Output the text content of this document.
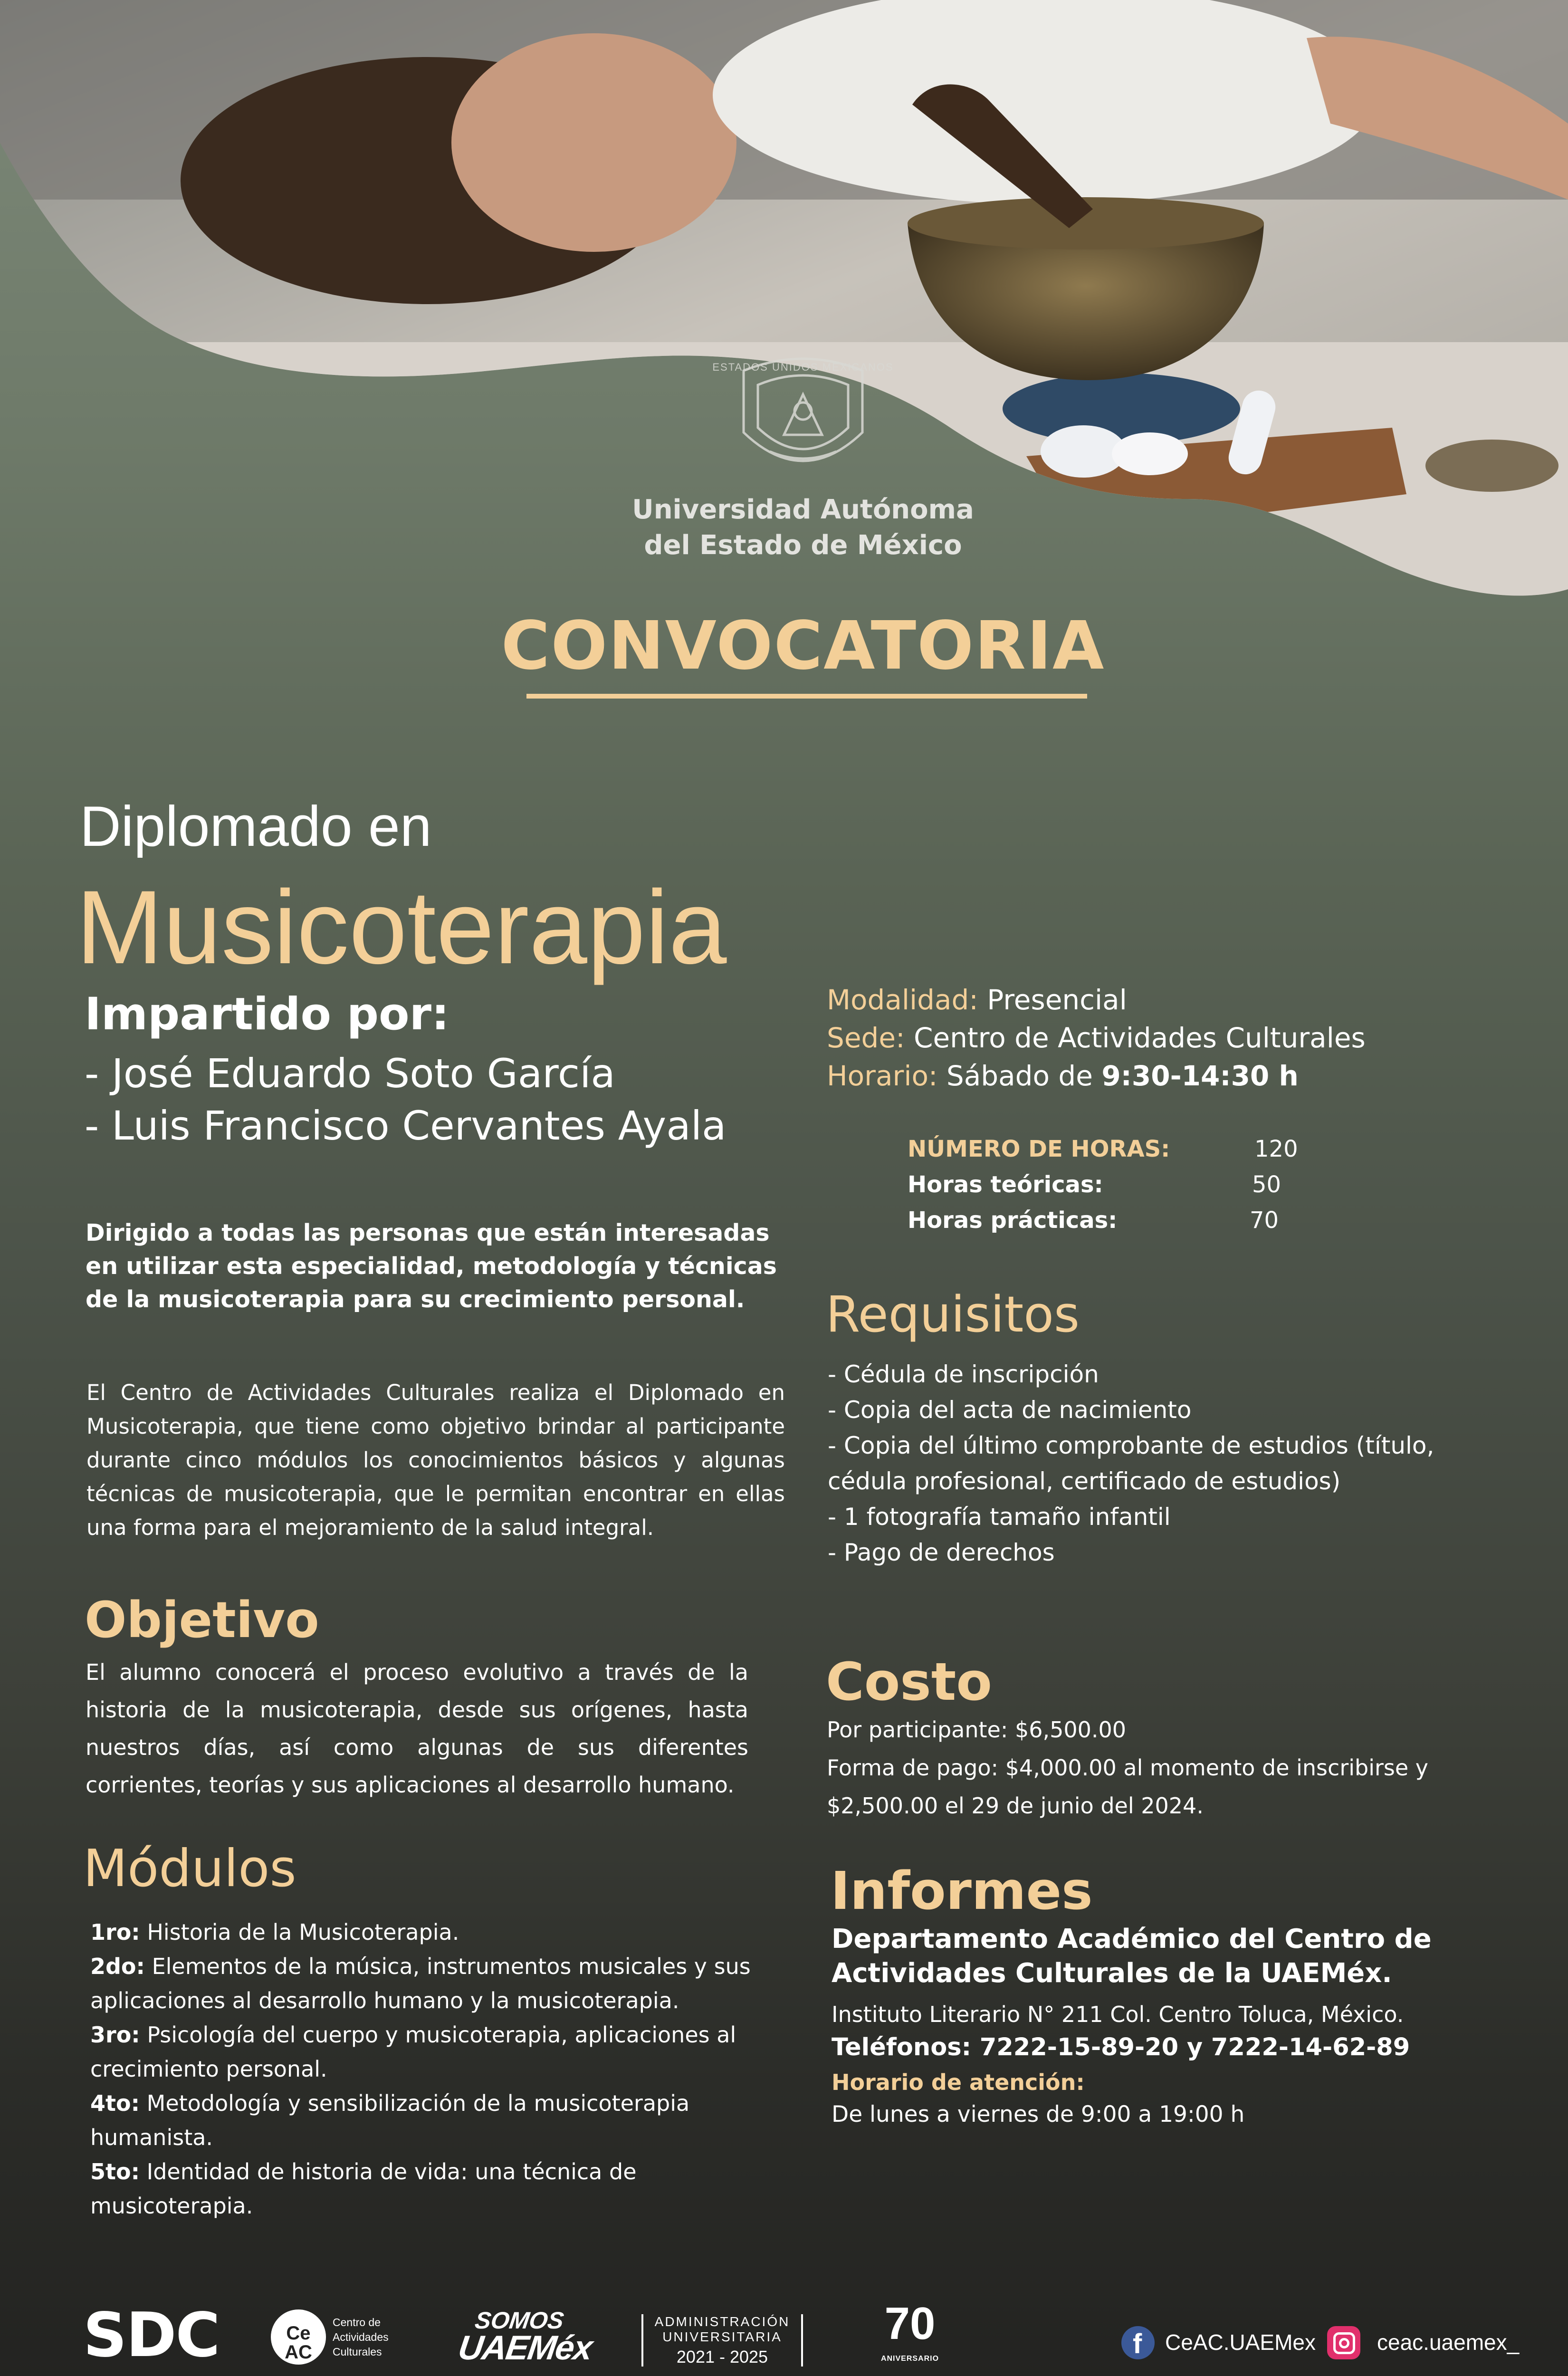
ESTADOS UNIDOS MEXICANOS
Universidad Autónoma
del Estado de México
CONVOCATORIA
Diplomado en
Musicoterapia
Impartido por:
- José Eduardo Soto García
- Luis Francisco Cervantes Ayala
Modalidad: Presencial
Sede: Centro de Actividades Culturales
Horario: Sábado de 9:30-14:30 h
NÚMERO DE HORAS:	120
Horas teóricas:	50
Horas prácticas:	70
Dirigido a todas las personas que están interesadas en utilizar esta especialidad, metodología y técnicas de la musicoterapia para su crecimiento personal.
El Centro de Actividades Culturales realiza el Diplomado en Musicoterapia, que tiene como objetivo brindar al participante durante cinco módulos los conocimientos básicos y algunas técnicas de musicoterapia, que le permitan encontrar en ellas una forma para el mejoramiento de la salud integral.
Objetivo
El alumno conocerá el proceso evolutivo a través de la historia de la musicoterapia, desde sus orígenes, hasta nuestros días, así como algunas de sus diferentes corrientes, teorías y sus aplicaciones al desarrollo humano.
Módulos
1ro: Historia de la Musicoterapia.
2do: Elementos de la música, instrumentos musicales y sus aplicaciones al desarrollo humano y la musicoterapia.
3ro: Psicología del cuerpo y musicoterapia, aplicaciones al crecimiento personal.
4to: Metodología y sensibilización de la musicoterapia humanista.
5to: Identidad de historia de vida: una técnica de musicoterapia.
Requisitos
- Cédula de inscripción
- Copia del acta de nacimiento
- Copia del último comprobante de estudios (título, cédula profesional, certificado de estudios)
- 1 fotografía tamaño infantil
- Pago de derechos
Costo
Por participante: $6,500.00
Forma de pago: $4,000.00 al momento de inscribirse y $2,500.00 el 29 de junio del 2024.
Informes
Departamento Académico del Centro de Actividades Culturales de la UAEMéx.
Instituto Literario N° 211 Col. Centro Toluca, México.
Teléfonos: 7222-15-89-20 y 7222-14-62-89
Horario de atención:
De lunes a viernes de 9:00 a 19:00 h
SDC	Ce AC
Centro de Actividades Culturales
SOMOS
UAEMéx
ADMINISTRACIÓN
UNIVERSITARIA
2021 - 2025
70
ANIVERSARIO	f CeAC.UAEMex	ceac.uaemex_
